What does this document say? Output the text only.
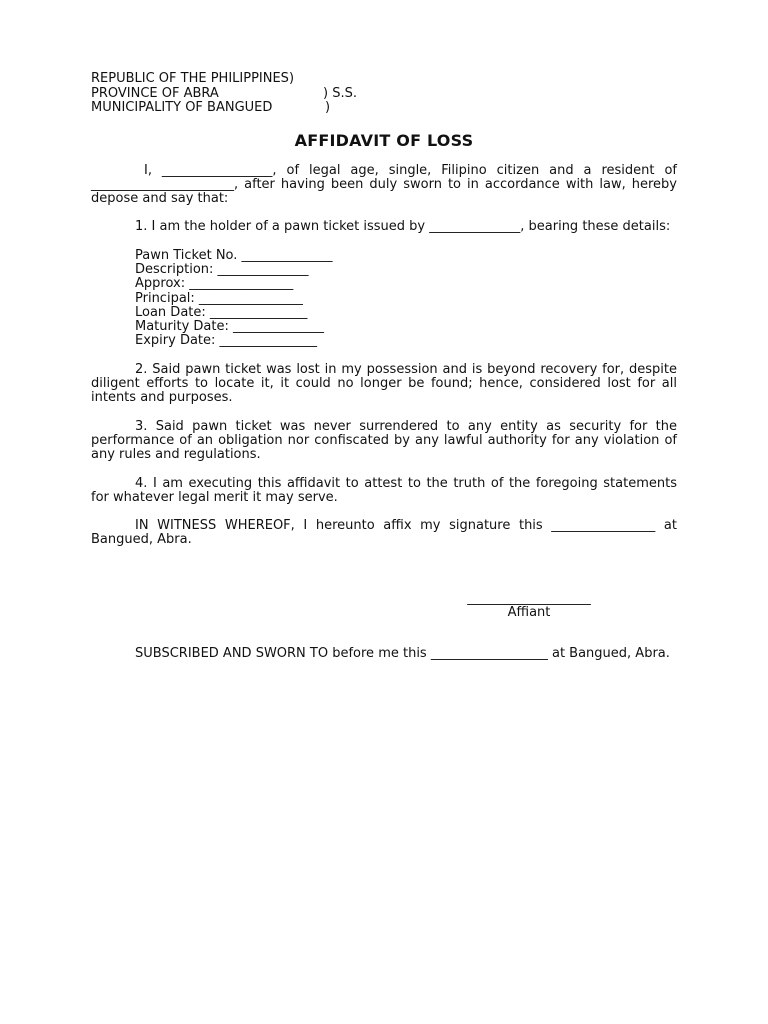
REPUBLIC OF THE PHILIPPINES)
PROVINCE OF ABRA	) S.S.
MUNICIPALITY OF BANGUED	)
AFFIDAVIT OF LOSS
I, _________________, of legal age, single, Filipino citizen and a resident of ______________________, after having been duly sworn to in accordance with law, hereby depose and say that:
1. I am the holder of a pawn ticket issued by ______________, bearing these details:
Pawn Ticket No. ______________
Description: ______________
Approx: ________________
Principal: ________________
Loan Date: _______________
Maturity Date: ______________
Expiry Date: _______________
2. Said pawn ticket was lost in my possession and is beyond recovery for, despite diligent efforts to locate it, it could no longer be found; hence, considered lost for all intents and purposes.
3. Said pawn ticket was never surrendered to any entity as security for the performance of an obligation nor confiscated by any lawful authority for any violation of any rules and regulations.
4. I am executing this affidavit to attest to the truth of the foregoing statements for whatever legal merit it may serve.
IN WITNESS WHEREOF, I hereunto affix my signature this ________________ at Bangued, Abra.
___________________
Affiant
SUBSCRIBED AND SWORN TO before me this __________________ at Bangued, Abra.
